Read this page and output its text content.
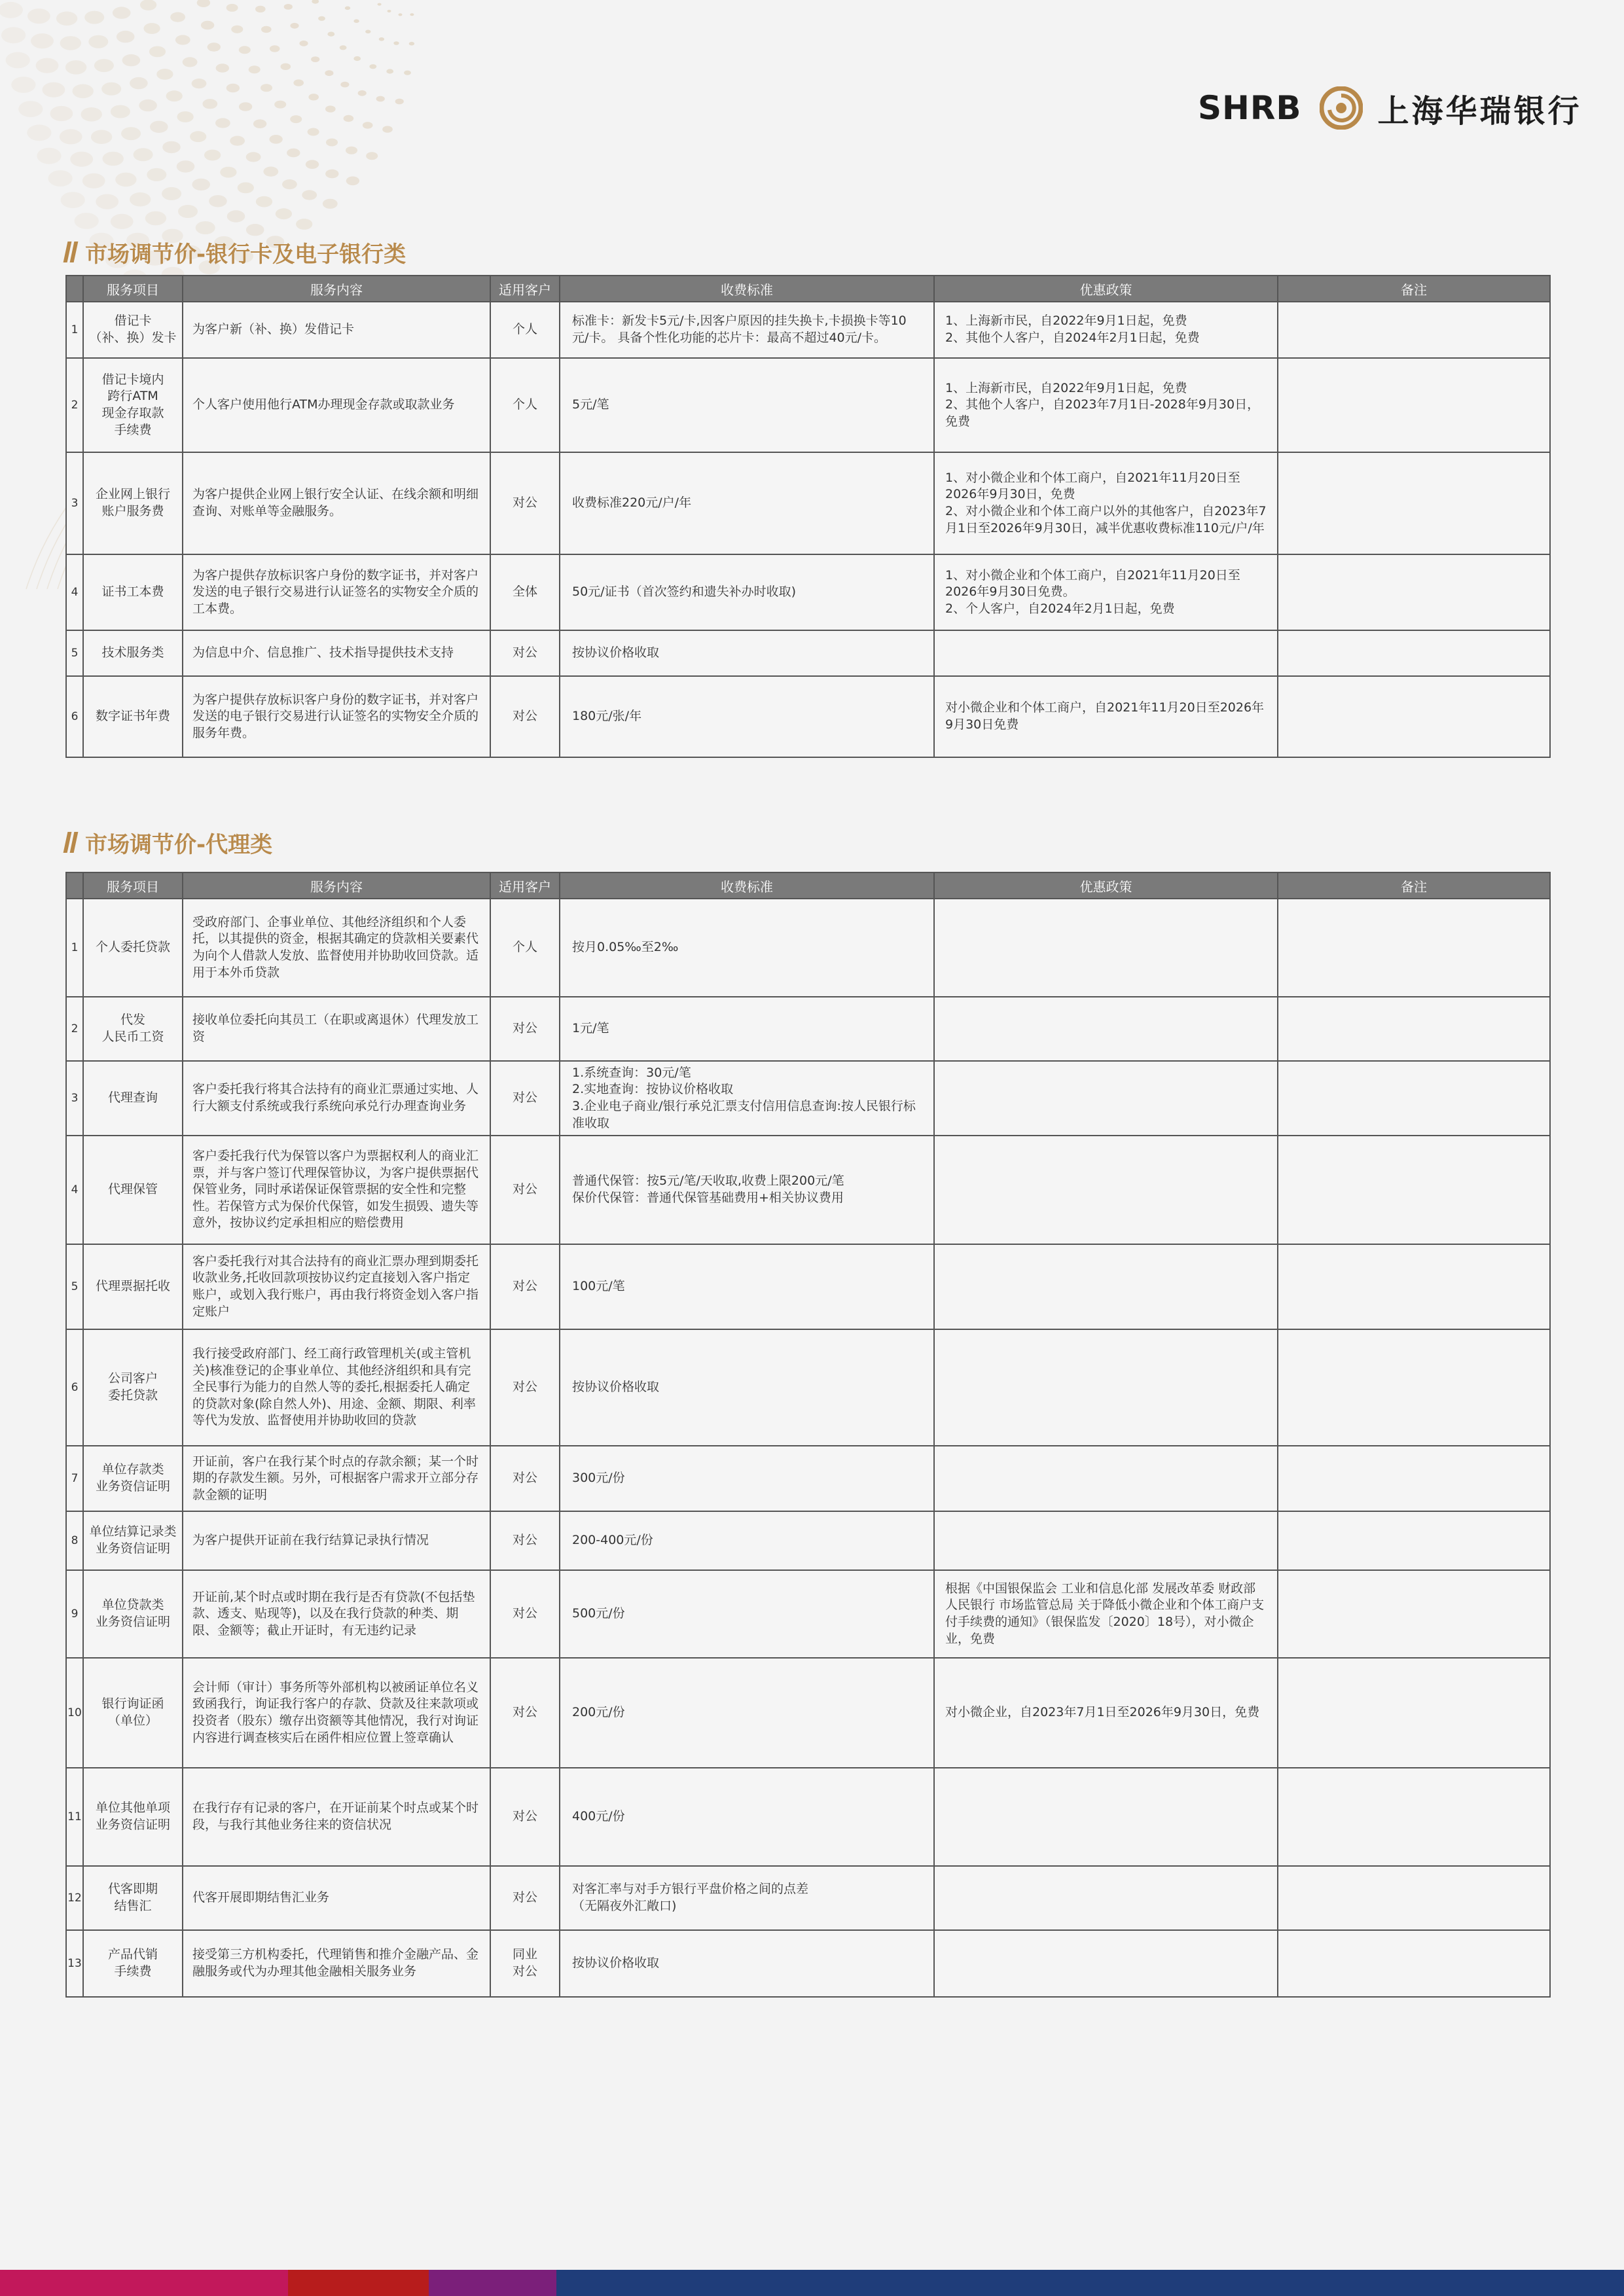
SHRB 上海华瑞银行
市场调节价-银行卡及电子银行类
	服务项目	服务内容	适用客户	收费标准	优惠政策	备注
1	借记卡
（补、换）发卡	为客户新（补、换）发借记卡	个人	标准卡：新发卡5元/卡,因客户原因的挂失换卡,卡损换卡等10元/卡。 具备个性化功能的芯片卡：最高不超过40元/卡。	1、上海新市民，自2022年9月1日起，免费
2、其他个人客户，自2024年2月1日起，免费	
2	借记卡境内
跨行ATM
现金存取款
手续费	个人客户使用他行ATM办理现金存款或取款业务	个人	5元/笔	1、上海新市民，自2022年9月1日起，免费
2、其他个人客户，自2023年7月1日-2028年9月30日，免费	
3	企业网上银行
账户服务费	为客户提供企业网上银行安全认证、在线余额和明细查询、对账单等金融服务。	对公	收费标准220元/户/年	1、对小微企业和个体工商户，自2021年11月20日至2026年9月30日，免费
2、对小微企业和个体工商户以外的其他客户，自2023年7月1日至2026年9月30日，减半优惠收费标准110元/户/年	
4	证书工本费	为客户提供存放标识客户身份的数字证书，并对客户发送的电子银行交易进行认证签名的实物安全介质的工本费。	全体	50元/证书（首次签约和遗失补办时收取)	1、对小微企业和个体工商户，自2021年11月20日至2026年9月30日免费。
2、个人客户，自2024年2月1日起，免费	
5	技术服务类	为信息中介、信息推广、技术指导提供技术支持	对公	按协议价格收取		
6	数字证书年费	为客户提供存放标识客户身份的数字证书，并对客户发送的电子银行交易进行认证签名的实物安全介质的服务年费。	对公	180元/张/年	对小微企业和个体工商户，自2021年11月20日至2026年9月30日免费	
市场调节价-代理类
	服务项目	服务内容	适用客户	收费标准	优惠政策	备注
1	个人委托贷款	受政府部门、企事业单位、其他经济组织和个人委托，以其提供的资金，根据其确定的贷款相关要素代为向个人借款人发放、监督使用并协助收回贷款。适用于本外币贷款	个人	按月0.05‰至2‰		
2	代发
人民币工资	接收单位委托向其员工（在职或离退休）代理发放工资	对公	1元/笔		
3	代理查询	客户委托我行将其合法持有的商业汇票通过实地、人行大额支付系统或我行系统向承兑行办理查询业务	对公	1.系统查询：30元/笔
2.实地查询：按协议价格收取
3.企业电子商业/银行承兑汇票支付信用信息查询:按人民银行标准收取		
4	代理保管	客户委托我行代为保管以客户为票据权利人的商业汇票，并与客户签订代理保管协议，为客户提供票据代保管业务，同时承诺保证保管票据的安全性和完整性。若保管方式为保价代保管，如发生损毁、遗失等意外，按协议约定承担相应的赔偿费用	对公	普通代保管：按5元/笔/天收取,收费上限200元/笔
保价代保管：普通代保管基础费用+相关协议费用		
5	代理票据托收	客户委托我行对其合法持有的商业汇票办理到期委托收款业务,托收回款项按协议约定直接划入客户指定账户，或划入我行账户，再由我行将资金划入客户指定账户	对公	100元/笔		
6	公司客户
委托贷款	我行接受政府部门、经工商行政管理机关(或主管机关)核准登记的企事业单位、其他经济组织和具有完全民事行为能力的自然人等的委托,根据委托人确定的贷款对象(除自然人外)、用途、金额、期限、利率等代为发放、监督使用并协助收回的贷款	对公	按协议价格收取		
7	单位存款类
业务资信证明	开证前，客户在我行某个时点的存款余额；某一个时期的存款发生额。另外，可根据客户需求开立部分存款金额的证明	对公	300元/份		
8	单位结算记录类
业务资信证明	为客户提供开证前在我行结算记录执行情况	对公	200-400元/份		
9	单位贷款类
业务资信证明	开证前,某个时点或时期在我行是否有贷款(不包括垫款、透支、贴现等)，以及在我行贷款的种类、期限、金额等；截止开证时，有无违约记录	对公	500元/份	根据《中国银保监会 工业和信息化部 发展改革委 财政部 人民银行 市场监管总局 关于降低小微企业和个体工商户支付手续费的通知》（银保监发〔2020〕18号），对小微企业，免费	
10	银行询证函
（单位）	会计师（审计）事务所等外部机构以被函证单位名义致函我行，询证我行客户的存款、贷款及往来款项或投资者（股东）缴存出资额等其他情况，我行对询证内容进行调查核实后在函件相应位置上签章确认	对公	200元/份	对小微企业，自2023年7月1日至2026年9月30日，免费	
11	单位其他单项
业务资信证明	在我行存有记录的客户，在开证前某个时点或某个时段，与我行其他业务往来的资信状况	对公	400元/份		
12	代客即期
结售汇	代客开展即期结售汇业务	对公	对客汇率与对手方银行平盘价格之间的点差
（无隔夜外汇敞口)		
13	产品代销
手续费	接受第三方机构委托，代理销售和推介金融产品、金融服务或代为办理其他金融相关服务业务	同业
对公	按协议价格收取		
